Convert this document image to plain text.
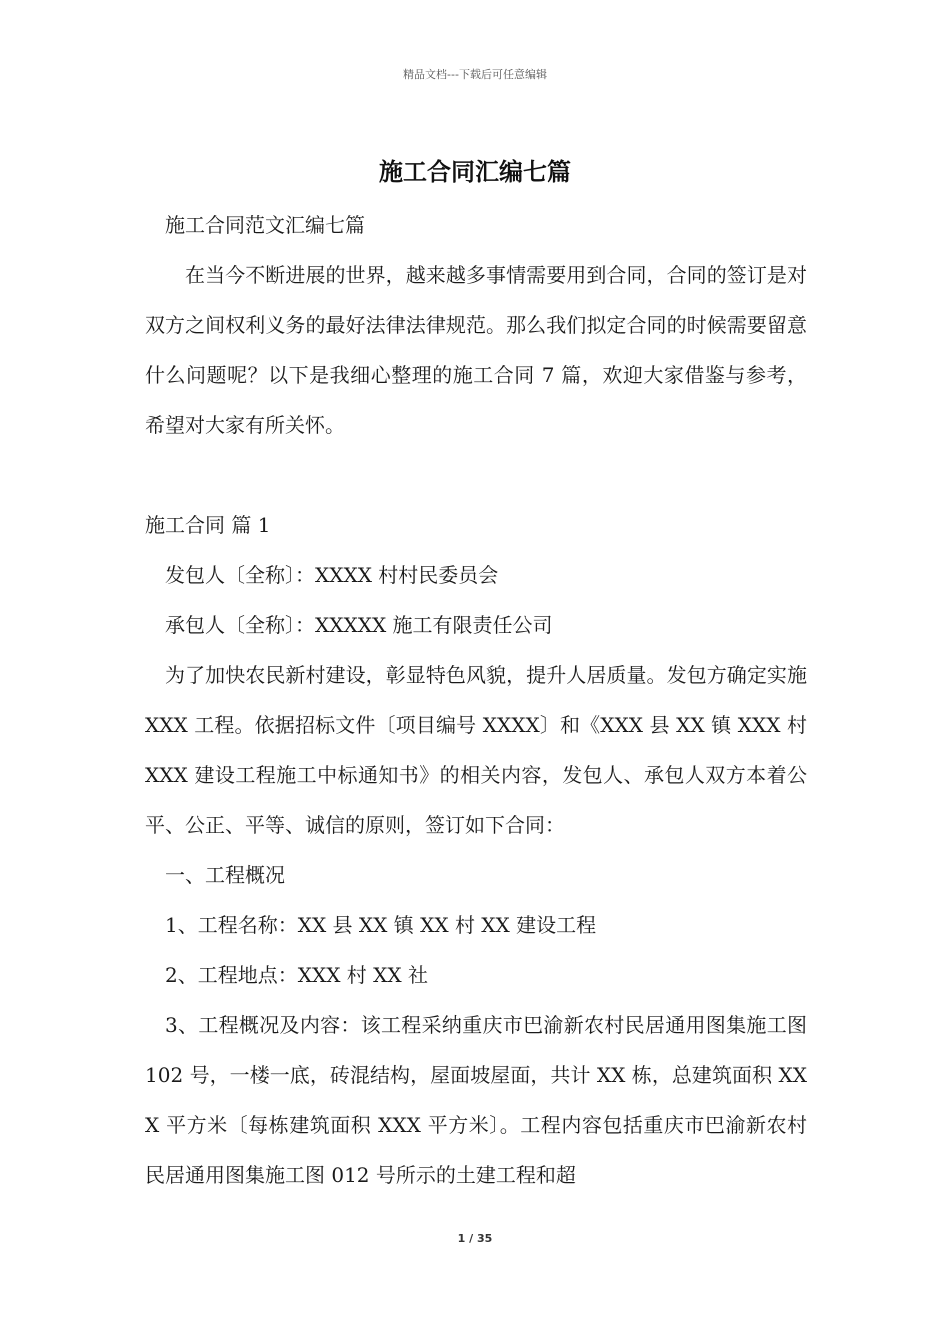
精品文档---下载后可任意编辑
施工合同汇编七篇

施工合同范文汇编七篇

在当今不断进展的世界，越来越多事情需要用到合同，合同的签订是对双方之间权利义务的最好法律法律规范。那么我们拟定合同的时候需要留意什么问题呢？以下是我细心整理的施工合同 7 篇，欢迎大家借鉴与参考，希望对大家有所关怀。

施工合同 篇 1

发包人〔全称〕：XXXX 村村民委员会

承包人〔全称〕：XXXXX 施工有限责任公司

为了加快农民新村建设，彰显特色风貌，提升人居质量。发包方确定实施 XXX 工程。依据招标文件〔项目编号 XXXX〕和《XXX 县 XX 镇 XXX 村 XXX 建设工程施工中标通知书》的相关内容，发包人、承包人双方本着公平、公正、平等、诚信的原则，签订如下合同：

一、工程概况

1、工程名称：XX 县 XX 镇 XX 村 XX 建设工程

2、工程地点：XXX 村 XX 社

3、工程概况及内容：该工程采纳重庆市巴渝新农村民居通用图集施工图 102 号，一楼一底，砖混结构，屋面坡屋面，共计 XX 栋，总建筑面积 XXX 平方米〔每栋建筑面积 XXX 平方米〕。工程内容包括重庆市巴渝新农村民居通用图集施工图 012 号所示的土建工程和超

1 / 35
